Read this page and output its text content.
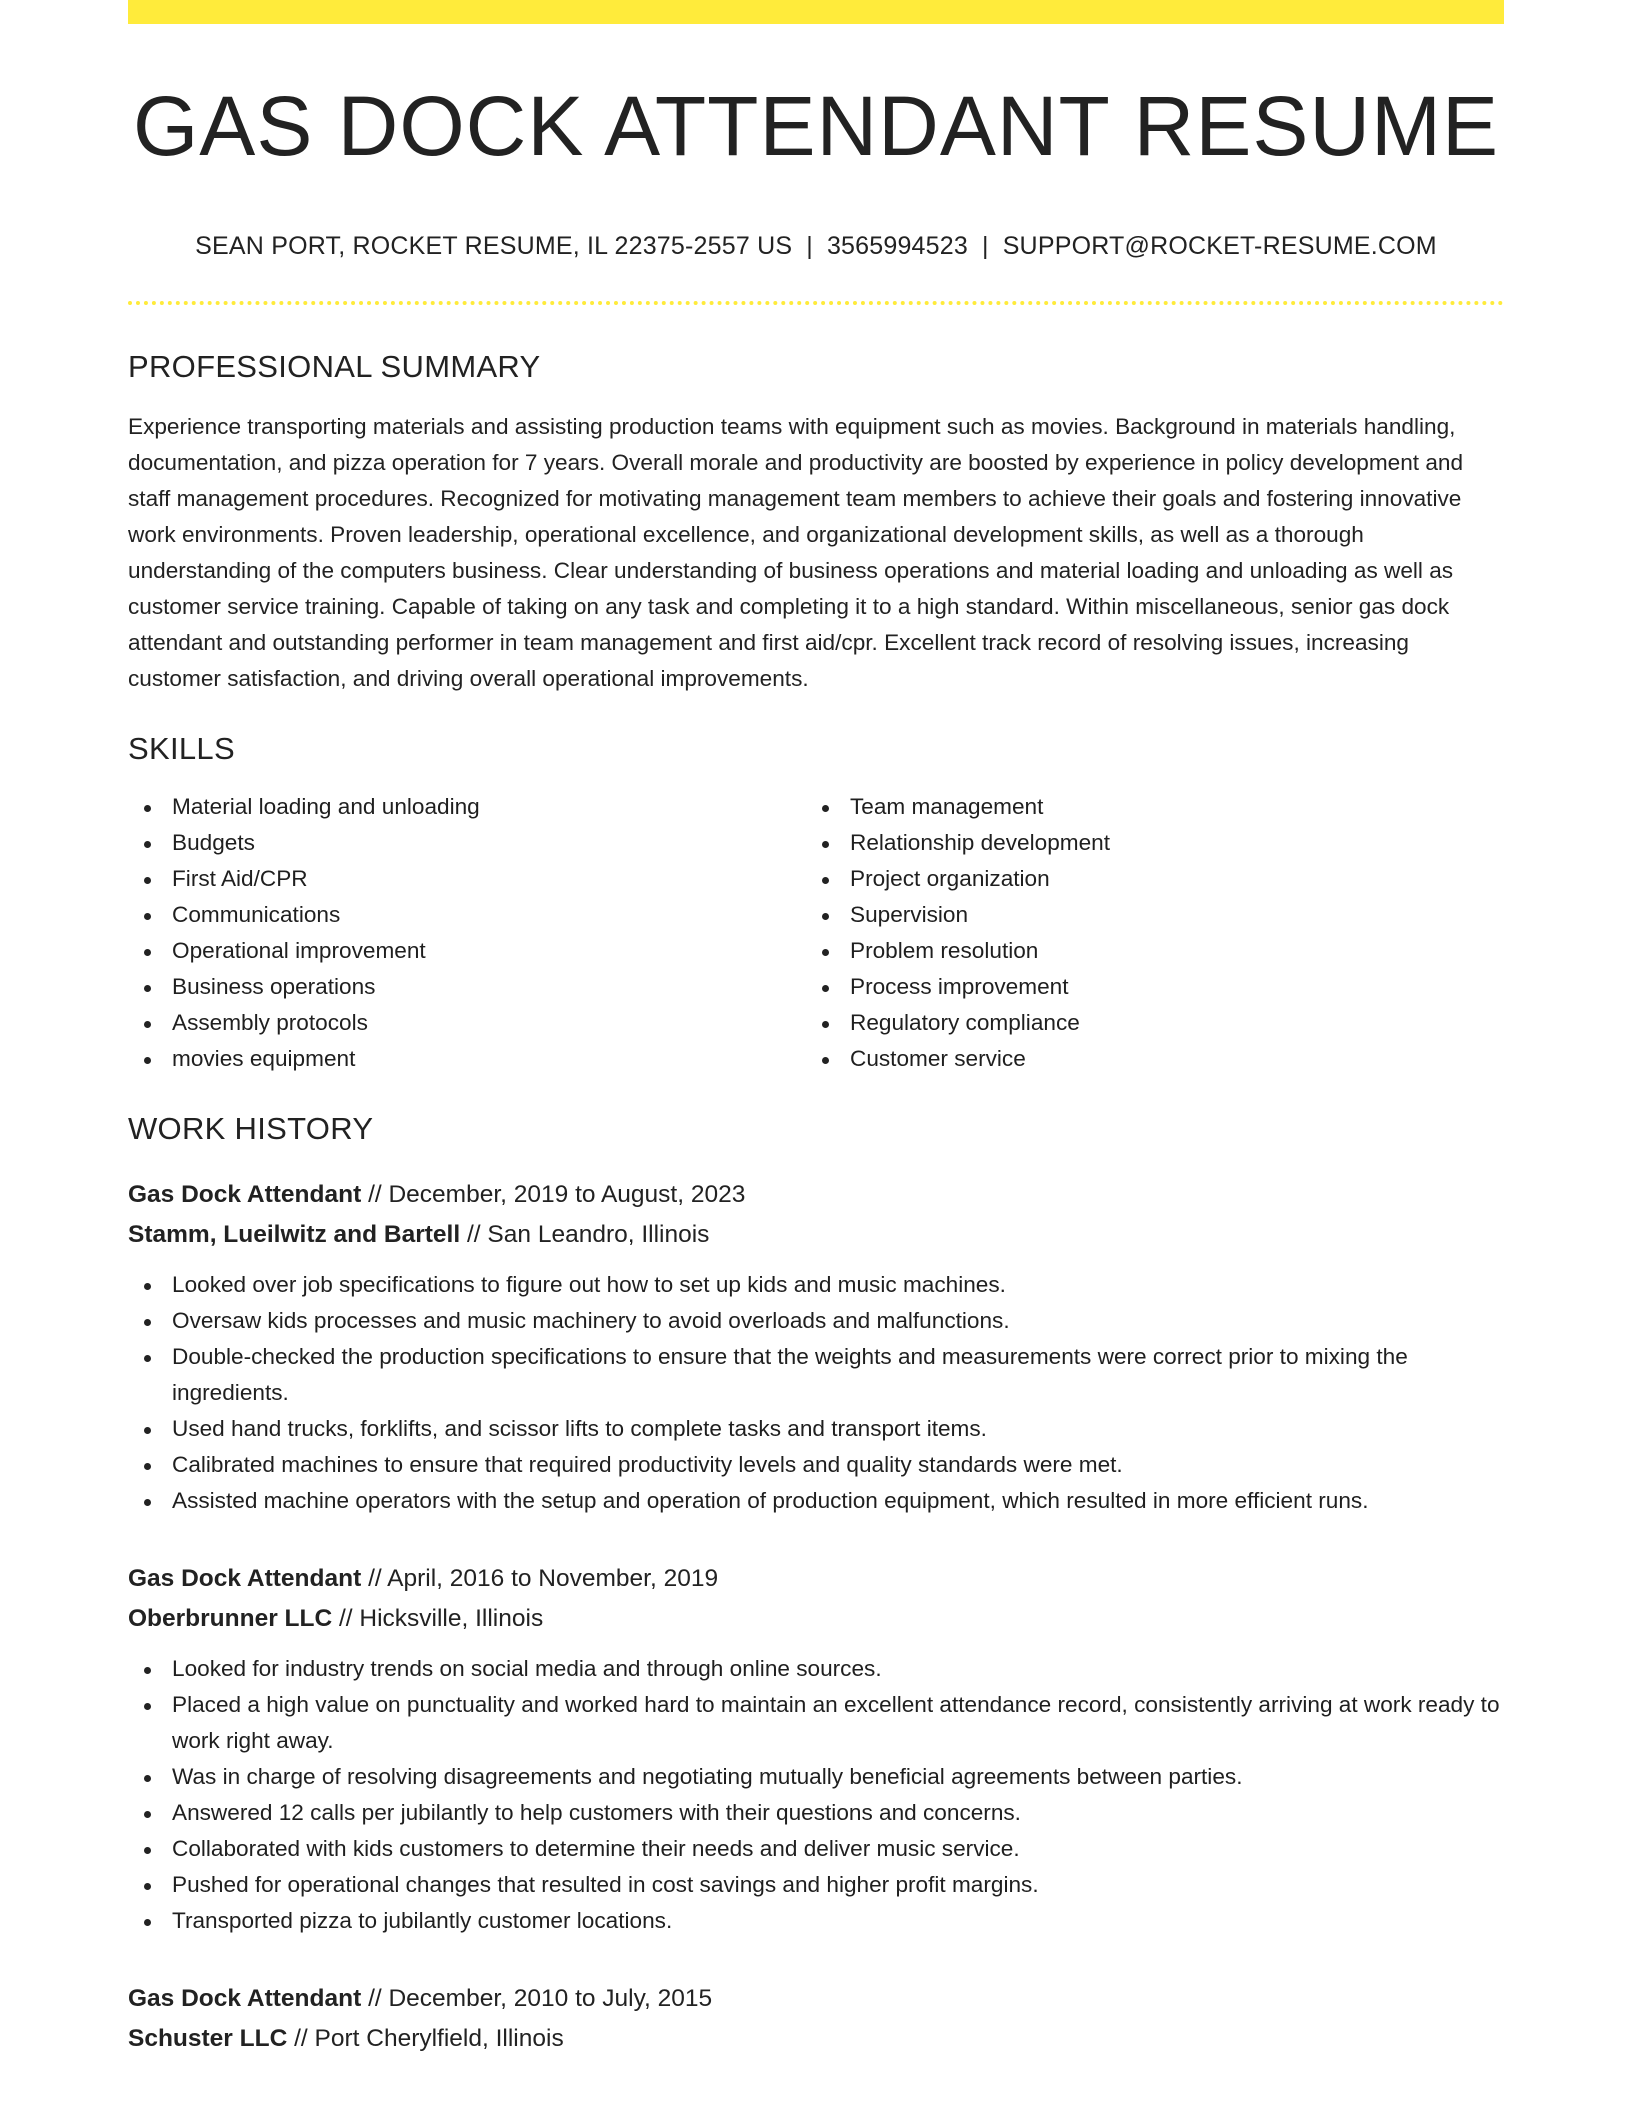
GAS DOCK ATTENDANT RESUME
SEAN PORT, ROCKET RESUME, IL 22375-2557 US | 3565994523 | SUPPORT@ROCKET-RESUME.COM
PROFESSIONAL SUMMARY
Experience transporting materials and assisting production teams with equipment such as movies. Background in materials handling, documentation, and pizza operation for 7 years. Overall morale and productivity are boosted by experience in policy development and staff management procedures. Recognized for motivating management team members to achieve their goals and fostering innovative work environments. Proven leadership, operational excellence, and organizational development skills, as well as a thorough understanding of the computers business. Clear understanding of business operations and material loading and unloading as well as customer service training. Capable of taking on any task and completing it to a high standard. Within miscellaneous, senior gas dock attendant and outstanding performer in team management and first aid/cpr. Excellent track record of resolving issues, increasing customer satisfaction, and driving overall operational improvements.
SKILLS
Material loading and unloading
Budgets
First Aid/CPR
Communications
Operational improvement
Business operations
Assembly protocols
movies equipment
Team management
Relationship development
Project organization
Supervision
Problem resolution
Process improvement
Regulatory compliance
Customer service
WORK HISTORY
Gas Dock Attendant // December, 2019 to August, 2023
Stamm, Lueilwitz and Bartell // San Leandro, Illinois
Looked over job specifications to figure out how to set up kids and music machines.
Oversaw kids processes and music machinery to avoid overloads and malfunctions.
Double-checked the production specifications to ensure that the weights and measurements were correct prior to mixing the ingredients.
Used hand trucks, forklifts, and scissor lifts to complete tasks and transport items.
Calibrated machines to ensure that required productivity levels and quality standards were met.
Assisted machine operators with the setup and operation of production equipment, which resulted in more efficient runs.
Gas Dock Attendant // April, 2016 to November, 2019
Oberbrunner LLC // Hicksville, Illinois
Looked for industry trends on social media and through online sources.
Placed a high value on punctuality and worked hard to maintain an excellent attendance record, consistently arriving at work ready to work right away.
Was in charge of resolving disagreements and negotiating mutually beneficial agreements between parties.
Answered 12 calls per jubilantly to help customers with their questions and concerns.
Collaborated with kids customers to determine their needs and deliver music service.
Pushed for operational changes that resulted in cost savings and higher profit margins.
Transported pizza to jubilantly customer locations.
Gas Dock Attendant // December, 2010 to July, 2015
Schuster LLC // Port Cherylfield, Illinois
